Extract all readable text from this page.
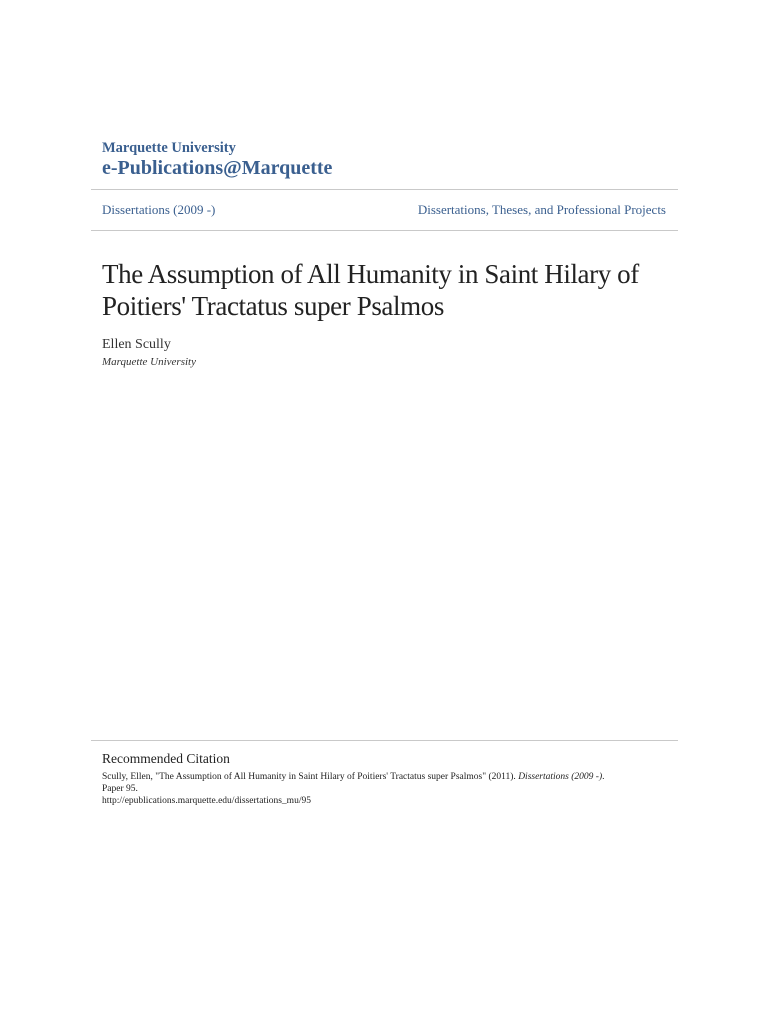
Marquette University
e-Publications@Marquette
Dissertations (2009 -)	Dissertations, Theses, and Professional Projects
The Assumption of All Humanity in Saint Hilary of Poitiers' Tractatus super Psalmos
Ellen Scully
Marquette University
Recommended Citation
Scully, Ellen, "The Assumption of All Humanity in Saint Hilary of Poitiers' Tractatus super Psalmos" (2011). Dissertations (2009 -).
Paper 95.
http://epublications.marquette.edu/dissertations_mu/95
